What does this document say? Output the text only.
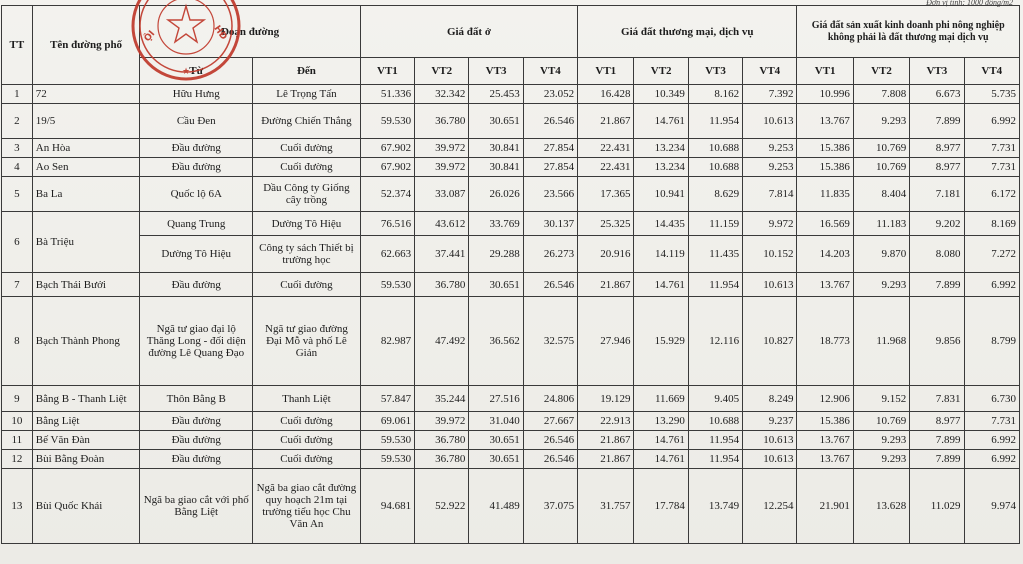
Đơn vị tính: 1000 đồng/m2
TT	Tên đường phố	Đoạn đường		Giá đất ở				Giá đất thương mại, dịch vụ				Giá đất sản xuất kinh doanh phi nông nghiệp không phải là đất thương mại dịch vụ			
		Từ	Đến	VT1	VT2	VT3	VT4	VT1	VT2	VT3	VT4	VT1	VT2	VT3	VT4
1	72	Hữu Hưng	Lê Trọng Tấn	51.336	32.342	25.453	23.052	16.428	10.349	8.162	7.392	10.996	7.808	6.673	5.735
2	19/5	Cầu Đen	Đường Chiến Thắng	59.530	36.780	30.651	26.546	21.867	14.761	11.954	10.613	13.767	9.293	7.899	6.992
3	An Hòa	Đầu đường	Cuối đường	67.902	39.972	30.841	27.854	22.431	13.234	10.688	9.253	15.386	10.769	8.977	7.731
4	Ao Sen	Đầu đường	Cuối đường	67.902	39.972	30.841	27.854	22.431	13.234	10.688	9.253	15.386	10.769	8.977	7.731
5	Ba La	Quốc lộ 6A	Dầu Công ty Giống cây trồng	52.374	33.087	26.026	23.566	17.365	10.941	8.629	7.814	11.835	8.404	7.181	6.172
6	Bà Triệu	Quang Trung	Dường Tô Hiệu	76.516	43.612	33.769	30.137	25.325	14.435	11.159	9.972	16.569	11.183	9.202	8.169
		Dường Tô Hiệu	Công ty sách Thiết bị trường học	62.663	37.441	29.288	26.273	20.916	14.119	11.435	10.152	14.203	9.870	8.080	7.272
7	Bạch Thái Bưởi	Đầu đường	Cuối đường	59.530	36.780	30.651	26.546	21.867	14.761	11.954	10.613	13.767	9.293	7.899	6.992
8	Bạch Thành Phong	Ngã tư giao đại lộ Thăng Long - đối diện đường Lê Quang Đạo	Ngã tư giao đường Đại Mỗ và phố Lê Giản	82.987	47.492	36.562	32.575	27.946	15.929	12.116	10.827	18.773	11.968	9.856	8.799
9	Bằng B - Thanh Liệt	Thôn Bằng B	Thanh Liệt	57.847	35.244	27.516	24.806	19.129	11.669	9.405	8.249	12.906	9.152	7.831	6.730
10	Bằng Liệt	Đầu đường	Cuối đường	69.061	39.972	31.040	27.667	22.913	13.290	10.688	9.237	15.386	10.769	8.977	7.731
11	Bế Văn Đàn	Đầu đường	Cuối đường	59.530	36.780	30.651	26.546	21.867	14.761	11.954	10.613	13.767	9.293	7.899	6.992
12	Bùi Bằng Đoàn	Đầu đường	Cuối đường	59.530	36.780	30.651	26.546	21.867	14.761	11.954	10.613	13.767	9.293	7.899	6.992
13	Bùi Quốc Khái	Ngã ba giao cắt với phố Bằng Liệt	Ngã ba giao cắt đường quy hoạch 21m tại trường tiểu học Chu Văn An	94.681	52.922	41.489	37.075	31.757	17.784	13.749	12.254	21.901	13.628	11.029	9.974
ỘI	HĐ
★
